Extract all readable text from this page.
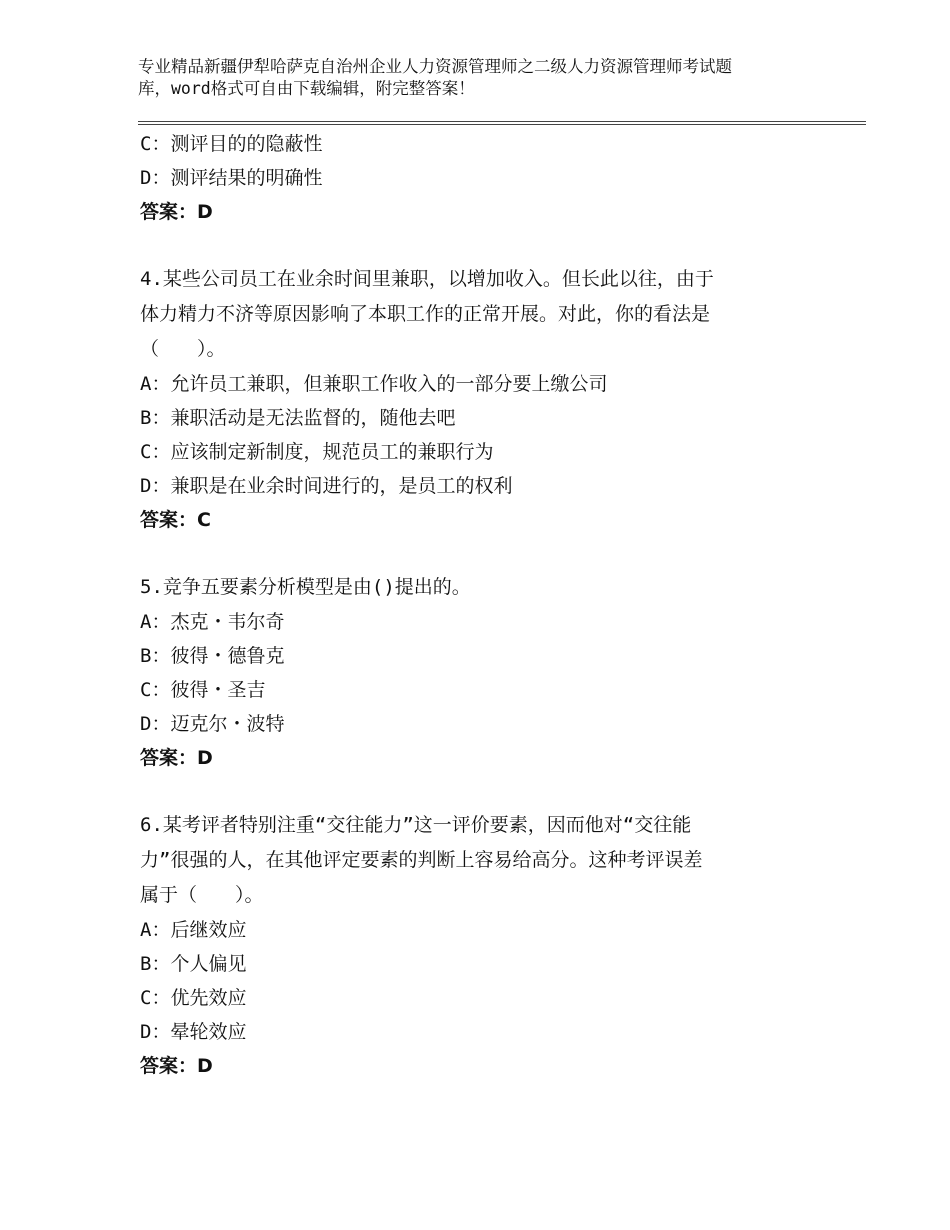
专业精品新疆伊犁哈萨克自治州企业人力资源管理师之二级人力资源管理师考试题
库，word格式可自由下载编辑，附完整答案！
C：测评目的的隐蔽性
D：测评结果的明确性
答案：D
4.某些公司员工在业余时间里兼职，以增加收入。但长此以往，由于
体力精力不济等原因影响了本职工作的正常开展。对此，你的看法是
（　　）。
A：允许员工兼职，但兼职工作收入的一部分要上缴公司
B：兼职活动是无法监督的，随他去吧
C：应该制定新制度，规范员工的兼职行为
D：兼职是在业余时间进行的，是员工的权利
答案：C
5.竞争五要素分析模型是由()提出的。
A：杰克・韦尔奇
B：彼得・德鲁克
C：彼得・圣吉
D：迈克尔・波特
答案：D
6.某考评者特别注重“交往能力”这一评价要素，因而他对“交往能
力”很强的人，在其他评定要素的判断上容易给高分。这种考评误差
属于（　　）。
A：后继效应
B：个人偏见
C：优先效应
D：晕轮效应
答案：D
